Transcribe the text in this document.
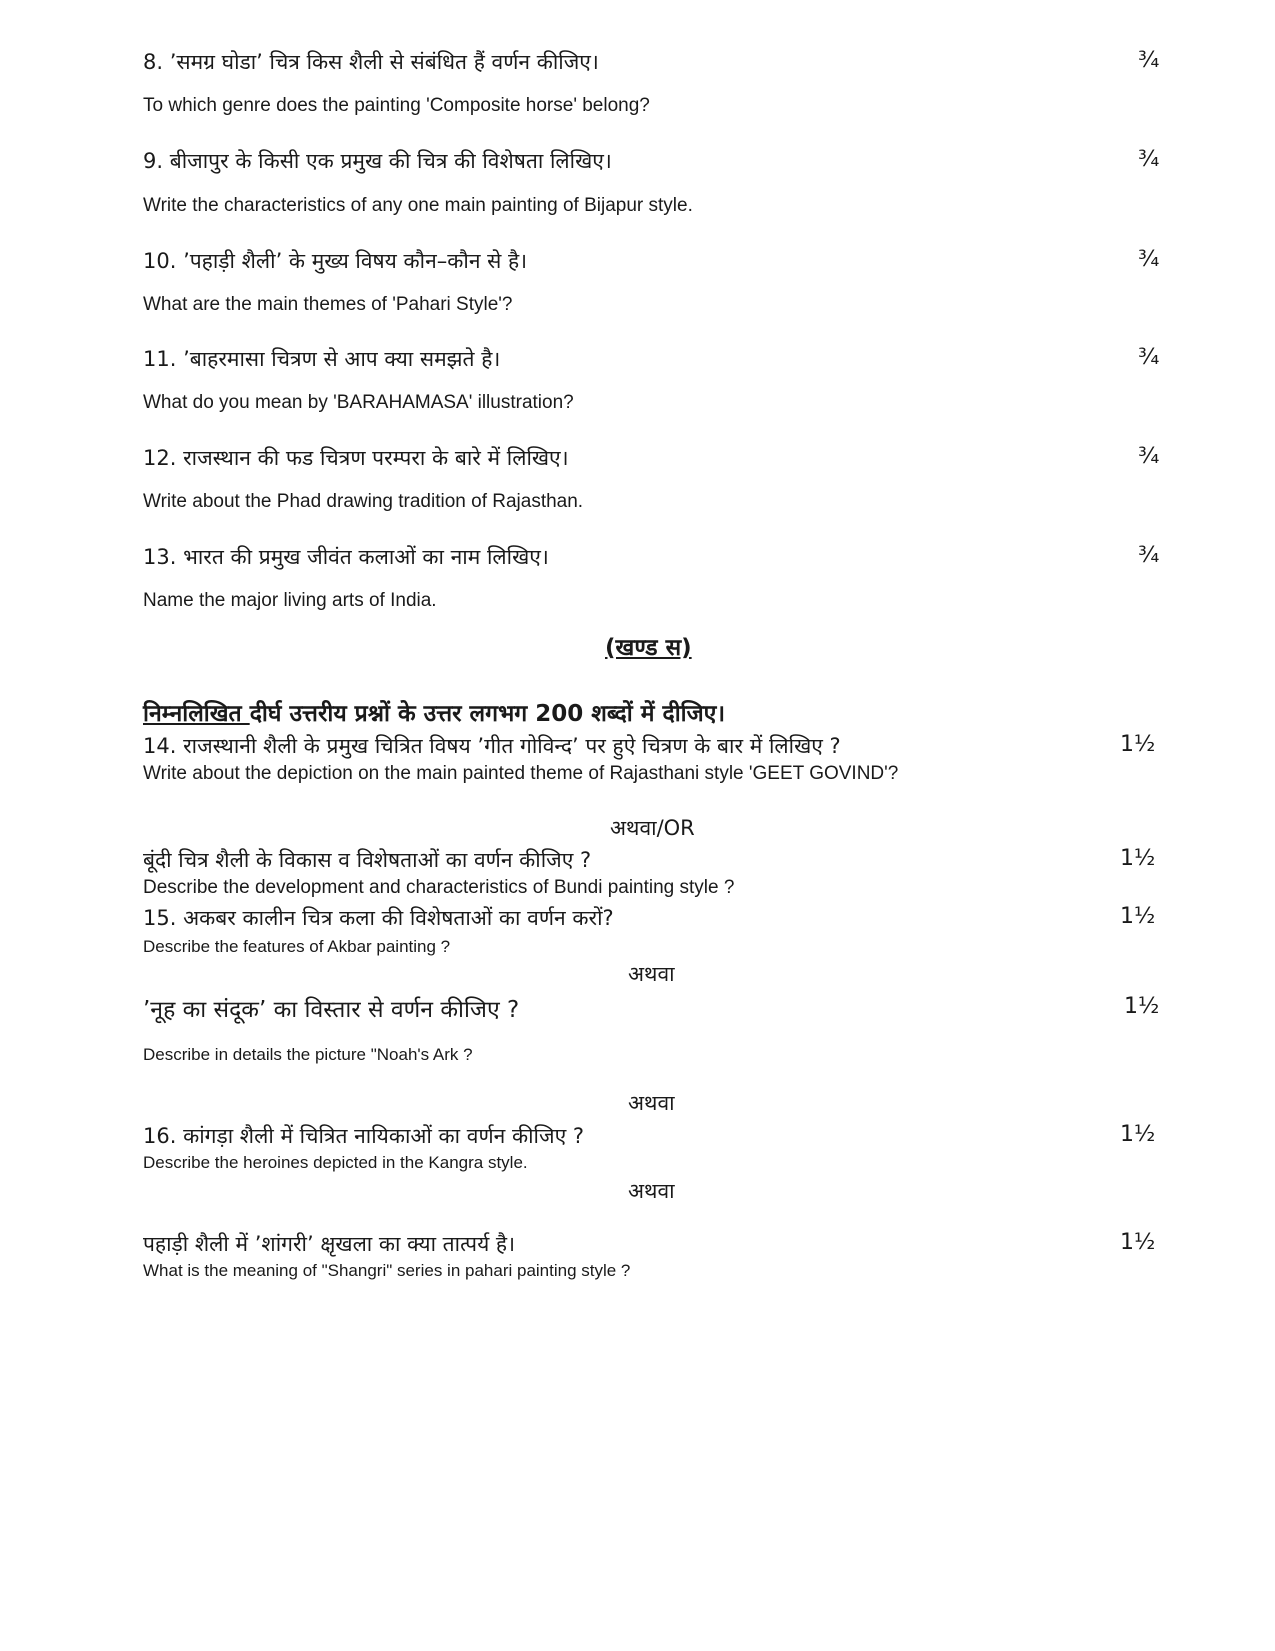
8. ’समग्र घोडा’ चित्र किस शैली से संबंधित हैं वर्णन कीजिए।	¾
To which genre does the painting 'Composite horse' belong?
9. बीजापुर के किसी एक प्रमुख की चित्र की विशेषता लिखिए।	¾
Write the characteristics of any one main painting of Bijapur style.
10. ’पहाड़ी शैली’ के मुख्य विषय कौन–कौन से है।	¾
What are the main themes of 'Pahari Style'?
11. ’बाहरमासा चित्रण से आप क्या समझते है।	¾
What do you mean by 'BARAHAMASA' illustration?
12. राजस्थान की फड चित्रण परम्परा के बारे में लिखिए।	¾
Write about the Phad drawing tradition of Rajasthan.
13. भारत की प्रमुख जीवंत कलाओं का नाम लिखिए।	¾
Name the major living arts of India.
(खण्ड स)
निम्नलिखित दीर्घ उत्तरीय प्रश्नों के उत्तर लगभग 200 शब्दों में दीजिए।
14. राजस्थानी शैली के प्रमुख चित्रित विषय ’गीत गोविन्द’ पर हुऐ चित्रण के बार में लिखिए ?	1½
Write about the depiction on the main painted theme of Rajasthani style 'GEET GOVIND'?
अथवा/OR
बूंदी चित्र शैली के विकास व विशेषताओं का वर्णन कीजिए ?	1½
Describe the development and characteristics of Bundi painting style ?
15. अकबर कालीन चित्र कला की विशेषताओं का वर्णन करों?	1½
Describe the features of Akbar painting ?
अथवा
’नूह का संदूक’ का विस्तार से वर्णन कीजिए ?	1½
Describe in details the picture "Noah's Ark ?
अथवा
16. कांगड़ा शैली में चित्रित नायिकाओं का वर्णन कीजिए ?	1½
Describe the heroines depicted in the Kangra style.
अथवा
पहाड़ी शैली में ’शांगरी’ क्षृखला का क्या तात्पर्य है।	1½
What is the meaning of "Shangri" series in pahari painting style ?
